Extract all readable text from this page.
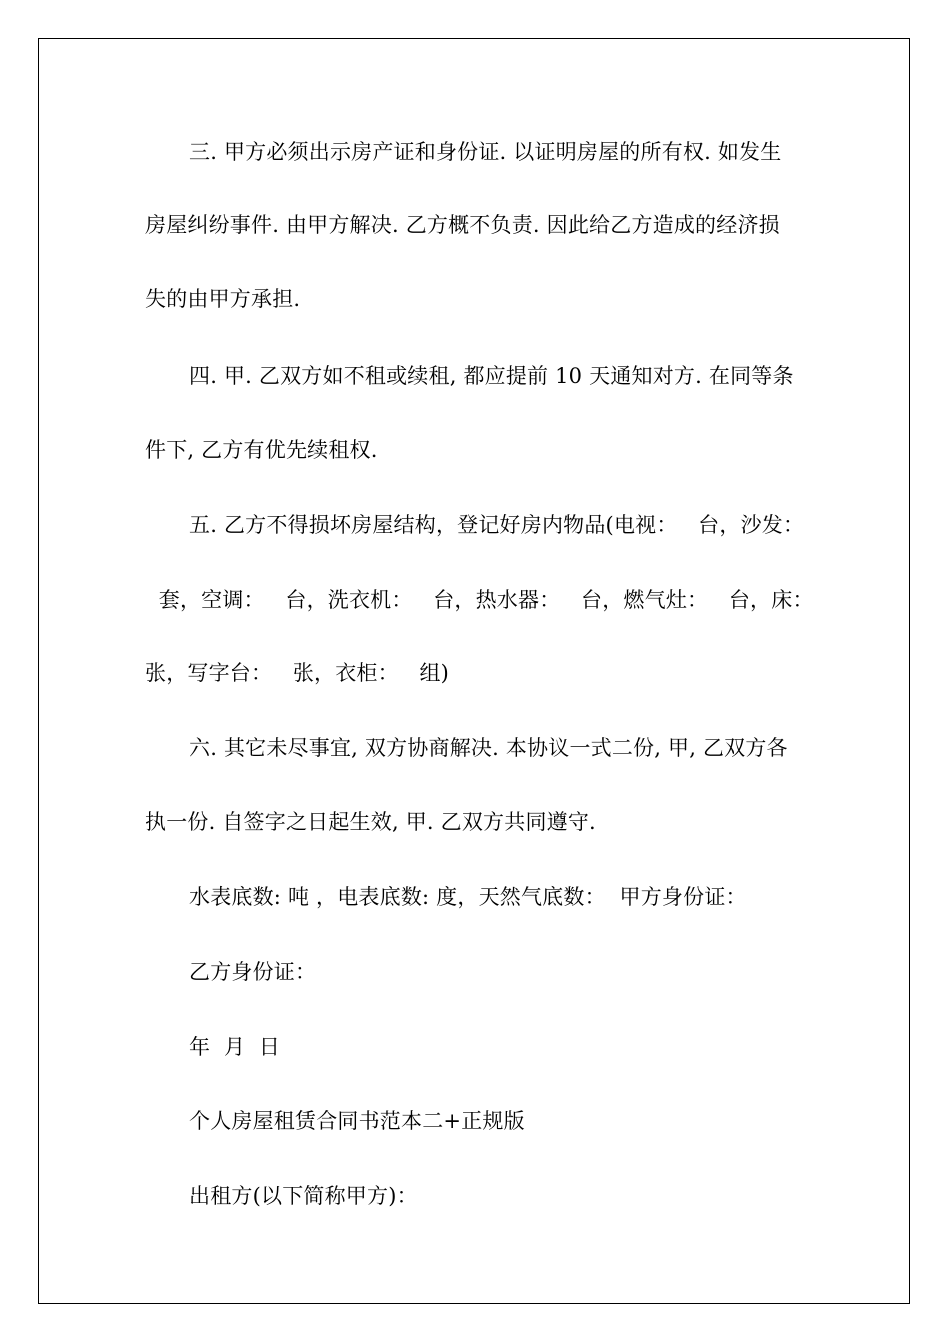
三. 甲方必须出示房产证和身份证. 以证明房屋的所有权. 如发生
房屋纠纷事件. 由甲方解决. 乙方概不负责. 因此给乙方造成的经济损
失的由甲方承担.
四. 甲. 乙双方如不租或续租, 都应提前 10 天通知对方. 在同等条
件下, 乙方有优先续租权.
五. 乙方不得损坏房屋结构，登记好房内物品(电视：   台，沙发：
套，空调：   台，洗衣机：   台，热水器：   台，燃气灶：   台，床：
张，写字台：   张，衣柜：   组)
六. 其它未尽事宜, 双方协商解决. 本协议一式二份, 甲, 乙双方各
执一份. 自签字之日起生效, 甲. 乙双方共同遵守.
水表底数: 吨 ，电表底数: 度，天然气底数：  甲方身份证：
乙方身份证：
年  月  日
个人房屋租赁合同书范本二+正规版
出租方(以下简称甲方)：
